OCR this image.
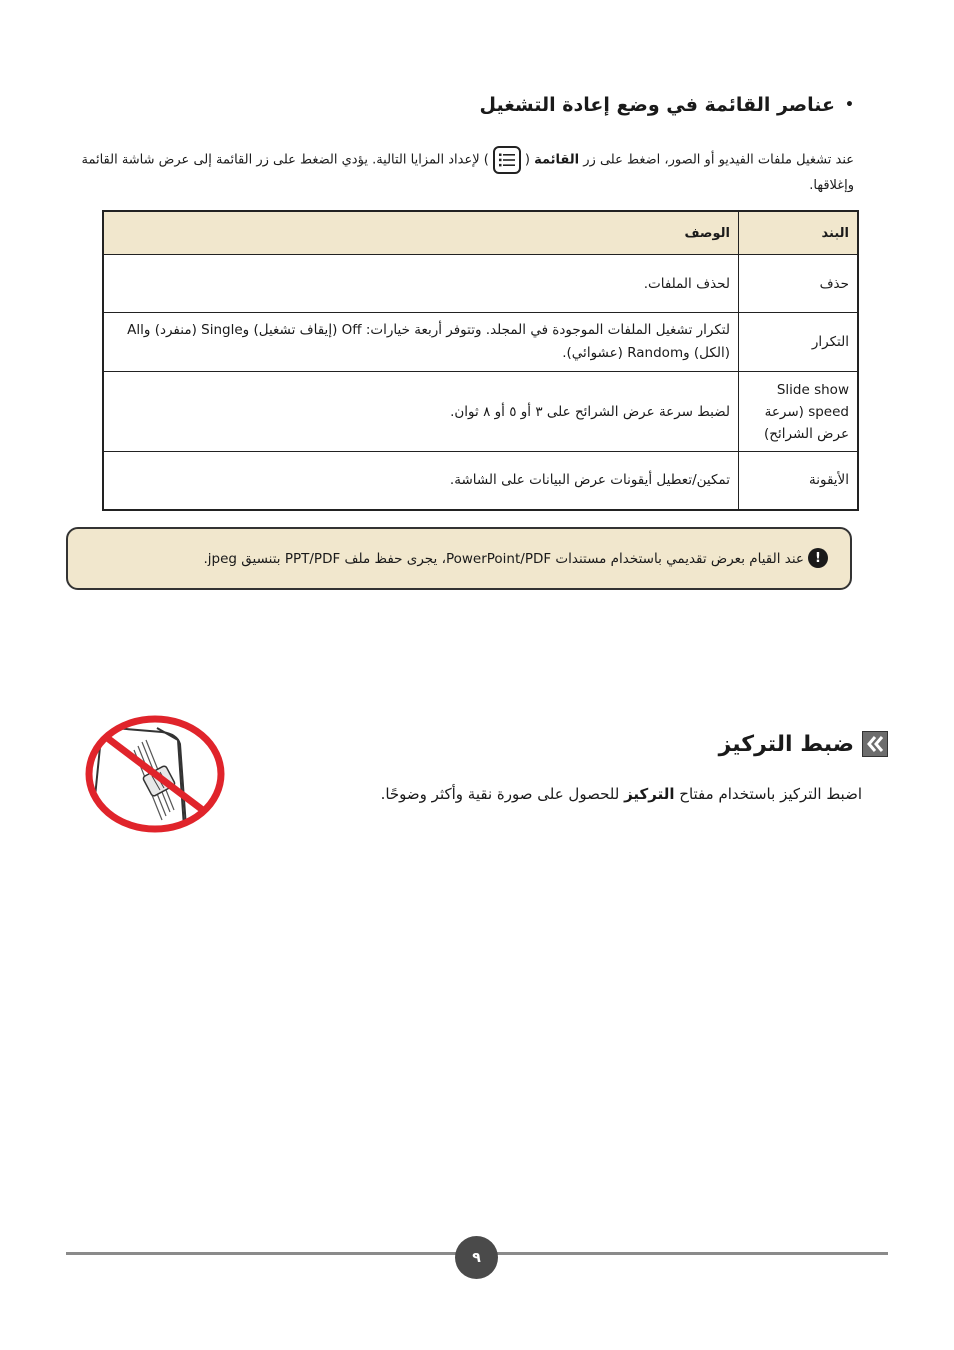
•
عناصر القائمة في وضع إعادة التشغيل
عند تشغيل ملفات الفيديو أو الصور، اضغط على زر القائمة (
) لإعداد المزايا التالية. يؤدي الضغط على زر القائمة إلى عرض شاشة القائمة وإغلاقها.
البند	الوصف
حذف	لحذف الملفات.
التكرار	لتكرار تشغيل الملفات الموجودة في المجلد. وتتوفر أربعة خيارات: Off (إيقاف تشغيل) وSingle (منفرد) وAll (الكل) وRandom (عشوائي).
Slide show speed (سرعة عرض الشرائح)	لضبط سرعة عرض الشرائح على ٣ أو ٥ أو ٨ ثوان.
الأيقونة	تمكين/تعطيل أيقونات عرض البيانات على الشاشة.
!
عند القيام بعرض تقديمي باستخدام مستندات PowerPoint/PDF، يجرى حفظ ملف PPT/PDF بتنسيق jpeg.
ضبط التركيز
اضبط التركيز باستخدام مفتاح التركيز للحصول على صورة نقية وأكثر وضوحًا.
٩
